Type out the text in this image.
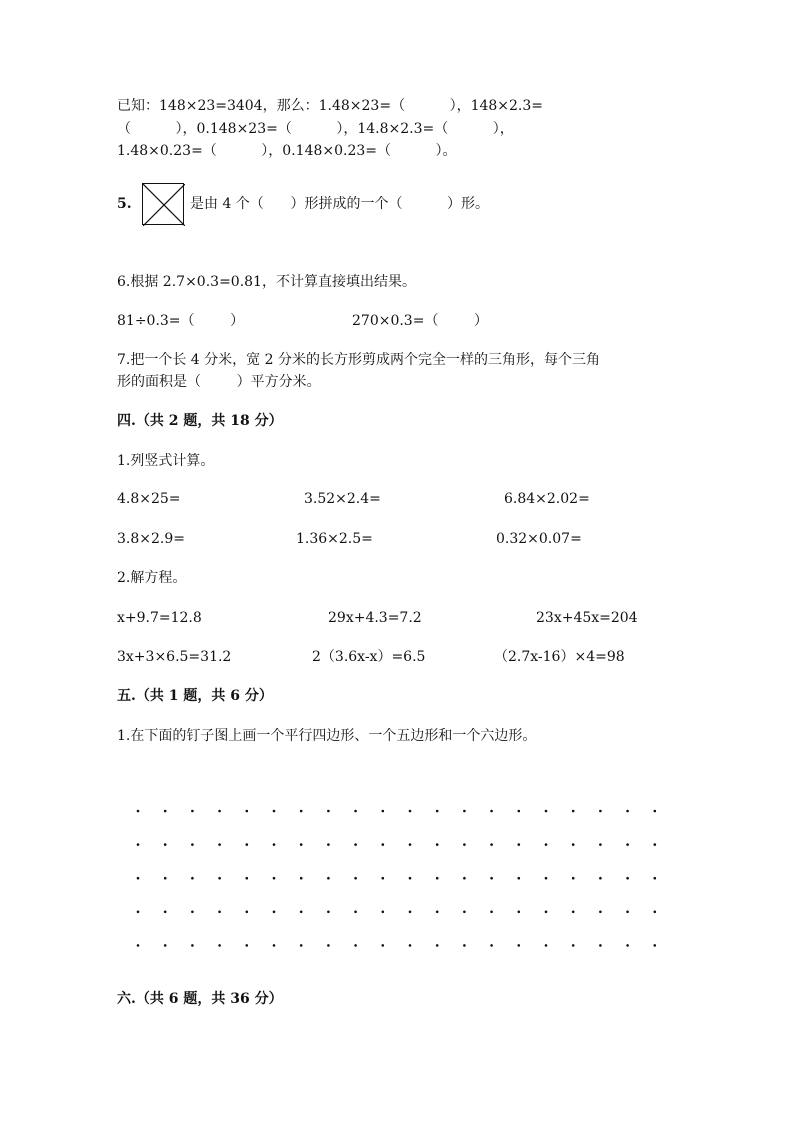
已知：148×23=3404，那么：1.48×23=（          ），148×2.3=
（          ），0.148×23=（          ），14.8×2.3=（          ），
1.48×0.23=（          ），0.148×0.23=（          ）。
5.	是由 4 个（      ）形拼成的一个（          ）形。
6.根据 2.7×0.3=0.81，不计算直接填出结果。
81÷0.3=（        ）	270×0.3=（        ）
7.把一个长 4 分米，宽 2 分米的长方形剪成两个完全一样的三角形，每个三角
形的面积是（        ）平方分米。
四.（共 2 题，共 18 分）
1.列竖式计算。
4.8×25=	3.52×2.4=	6.84×2.02=
3.8×2.9=	1.36×2.5=	0.32×0.07=
2.解方程。
x+9.7=12.8	29x+4.3=7.2	23x+45x=204
3x+3×6.5=31.2	2（3.6x-x）=6.5	（2.7x-16）×4=98
五.（共 1 题，共 6 分）
1.在下面的钉子图上画一个平行四边形、一个五边形和一个六边形。
六.（共 6 题，共 36 分）
